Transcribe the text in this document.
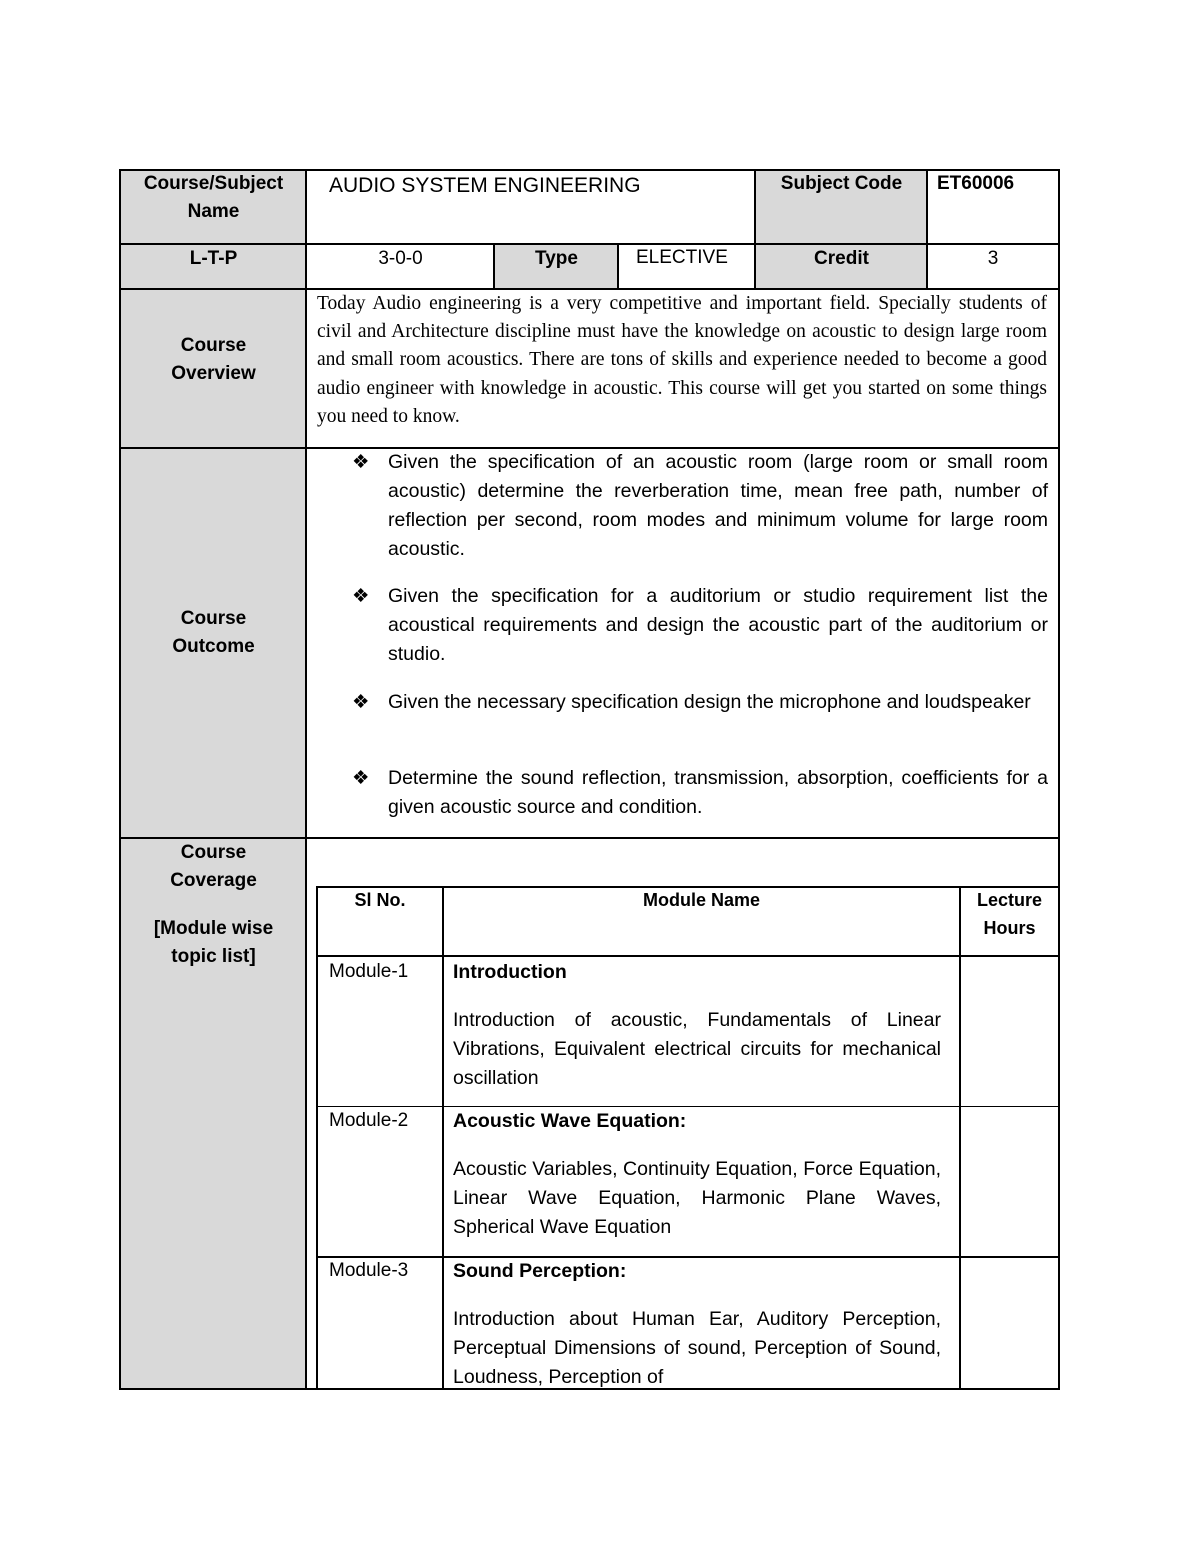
Course/Subject
Name
AUDIO SYSTEM ENGINEERING	Subject Code	ET60006
L-T-P	3-0-0	Type	ELECTIVE	Credit	3
Course
Overview
Today Audio engineering is a very competitive and important field. Specially students of civil and Architecture discipline must have the knowledge on acoustic to design large room and small room acoustics. There are tons of skills and experience needed to become a good audio engineer with knowledge in acoustic. This course will get you started on some things you need to know.
Course
Outcome
❖ Given the specification of an acoustic room (large room or small room acoustic) determine the reverberation time, mean free path, number of reflection per second, room modes and minimum volume for large room acoustic.
❖ Given the specification for a auditorium or studio requirement list the acoustical requirements and design the acoustic part of the auditorium or studio.
❖ Given the necessary specification design the microphone and loudspeaker
❖ Determine the sound reflection, transmission, absorption, coefficients for a given acoustic source and condition.
Course
Coverage
[Module wise
topic list]
Sl No.	Module Name	Lecture
Hours
Module-1 Introduction
Introduction of acoustic, Fundamentals of Linear Vibrations, Equivalent electrical circuits for mechanical oscillation
Module-2 Acoustic Wave Equation:
Acoustic Variables, Continuity Equation, Force Equation, Linear Wave Equation, Harmonic Plane Waves, Spherical Wave Equation
Module-3 Sound Perception:
Introduction about Human Ear, Auditory Perception, Perceptual Dimensions of sound, Perception of Sound, Loudness, Perception of
